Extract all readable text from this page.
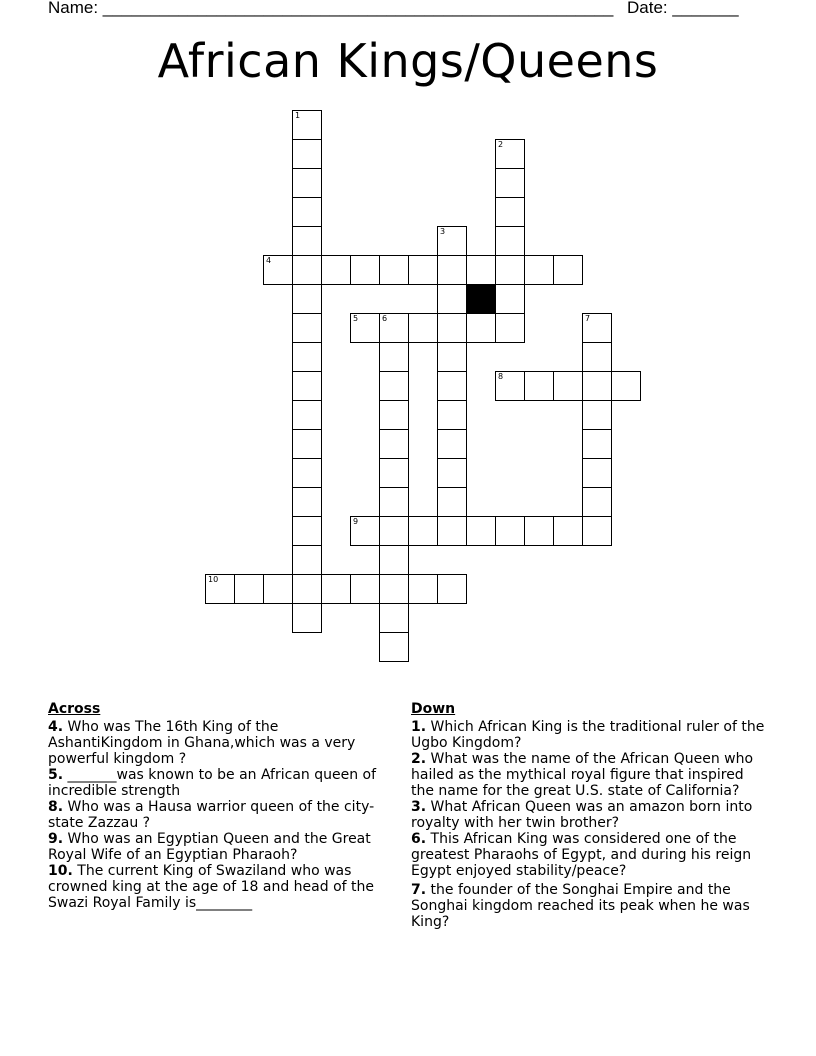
Name: ______________________________________________________ Date: _______
African Kings/Queens
1
2
3
4
5	6	7
8
9
10
Across

4. Who was The 16th King of the AshantiKingdom in Ghana,which was a very powerful kingdom ?

5. _______was known to be an African queen of incredible strength

8. Who was a Hausa warrior queen of the city-state Zazzau ?

9. Who was an Egyptian Queen and the Great Royal Wife of an Egyptian Pharaoh?

10. The current King of Swaziland who was crowned king at the age of 18 and head of the Swazi Royal Family is________

Down

1. Which African King is the traditional ruler of the Ugbo Kingdom?

2. What was the name of the African Queen who hailed as the mythical royal figure that inspired the name for the great U.S. state of California?

3. What African Queen was an amazon born into royalty with her twin brother?

6. This African King was considered one of the greatest Pharaohs of Egypt, and during his reign Egypt enjoyed stability/peace?

7. the founder of the Songhai Empire and the Songhai kingdom reached its peak when he was King?
